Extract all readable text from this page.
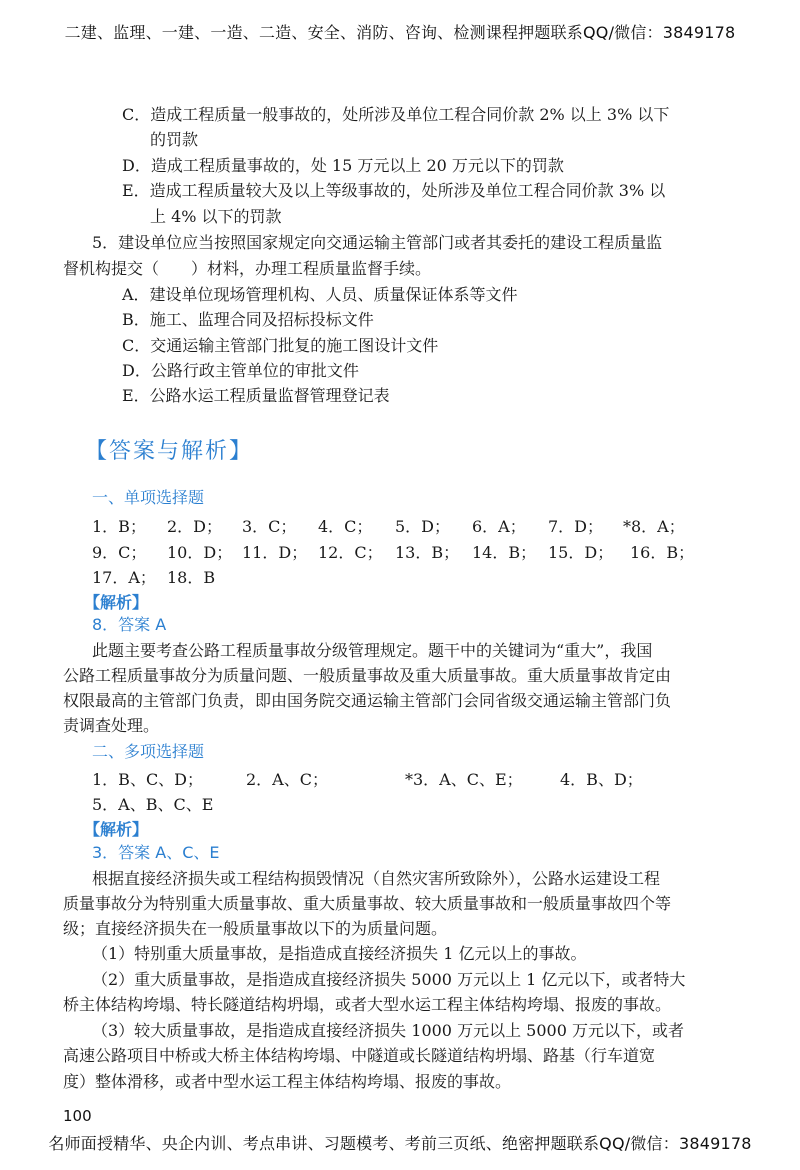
二建、监理、一建、一造、二造、安全、消防、咨询、检测课程押题联系QQ/微信：3849178
C．造成工程质量一般事故的，处所涉及单位工程合同价款 2% 以上 3% 以下
的罚款
D．造成工程质量事故的，处 15 万元以上 20 万元以下的罚款
E．造成工程质量较大及以上等级事故的，处所涉及单位工程合同价款 3% 以
上 4% 以下的罚款
5．建设单位应当按照国家规定向交通运输主管部门或者其委托的建设工程质量监
督机构提交（　　）材料，办理工程质量监督手续。
A．建设单位现场管理机构、人员、质量保证体系等文件
B．施工、监理合同及招标投标文件
C．交通运输主管部门批复的施工图设计文件
D．公路行政主管单位的审批文件
E．公路水运工程质量监督管理登记表
【答案与解析】
一、单项选择题
1．B； 2．D； 3．C； 4．C； 5．D； 6．A； 7．D； *8．A；
9．C； 10．D； 11．D； 12．C； 13．B； 14．B； 15．D； 16．B；
17．A； 18．B
【解析】
8．答案 A
此题主要考查公路工程质量事故分级管理规定。题干中的关键词为“重大”，我国
公路工程质量事故分为质量问题、一般质量事故及重大质量事故。重大质量事故肯定由
权限最高的主管部门负责，即由国务院交通运输主管部门会同省级交通运输主管部门负
责调查处理。
二、多项选择题
1．B、C、D；	2．A、C；	*3．A、C、E； 4．B、D；
5．A、B、C、E
【解析】
3．答案 A、C、E
根据直接经济损失或工程结构损毁情况（自然灾害所致除外），公路水运建设工程
质量事故分为特别重大质量事故、重大质量事故、较大质量事故和一般质量事故四个等
级；直接经济损失在一般质量事故以下的为质量问题。
（1）特别重大质量事故，是指造成直接经济损失 1 亿元以上的事故。
（2）重大质量事故，是指造成直接经济损失 5000 万元以上 1 亿元以下，或者特大
桥主体结构垮塌、特长隧道结构坍塌，或者大型水运工程主体结构垮塌、报废的事故。
（3）较大质量事故，是指造成直接经济损失 1000 万元以上 5000 万元以下，或者
高速公路项目中桥或大桥主体结构垮塌、中隧道或长隧道结构坍塌、路基（行车道宽
度）整体滑移，或者中型水运工程主体结构垮塌、报废的事故。
100
名师面授精华、央企内训、考点串讲、习题模考、考前三页纸、绝密押题联系QQ/微信：3849178
